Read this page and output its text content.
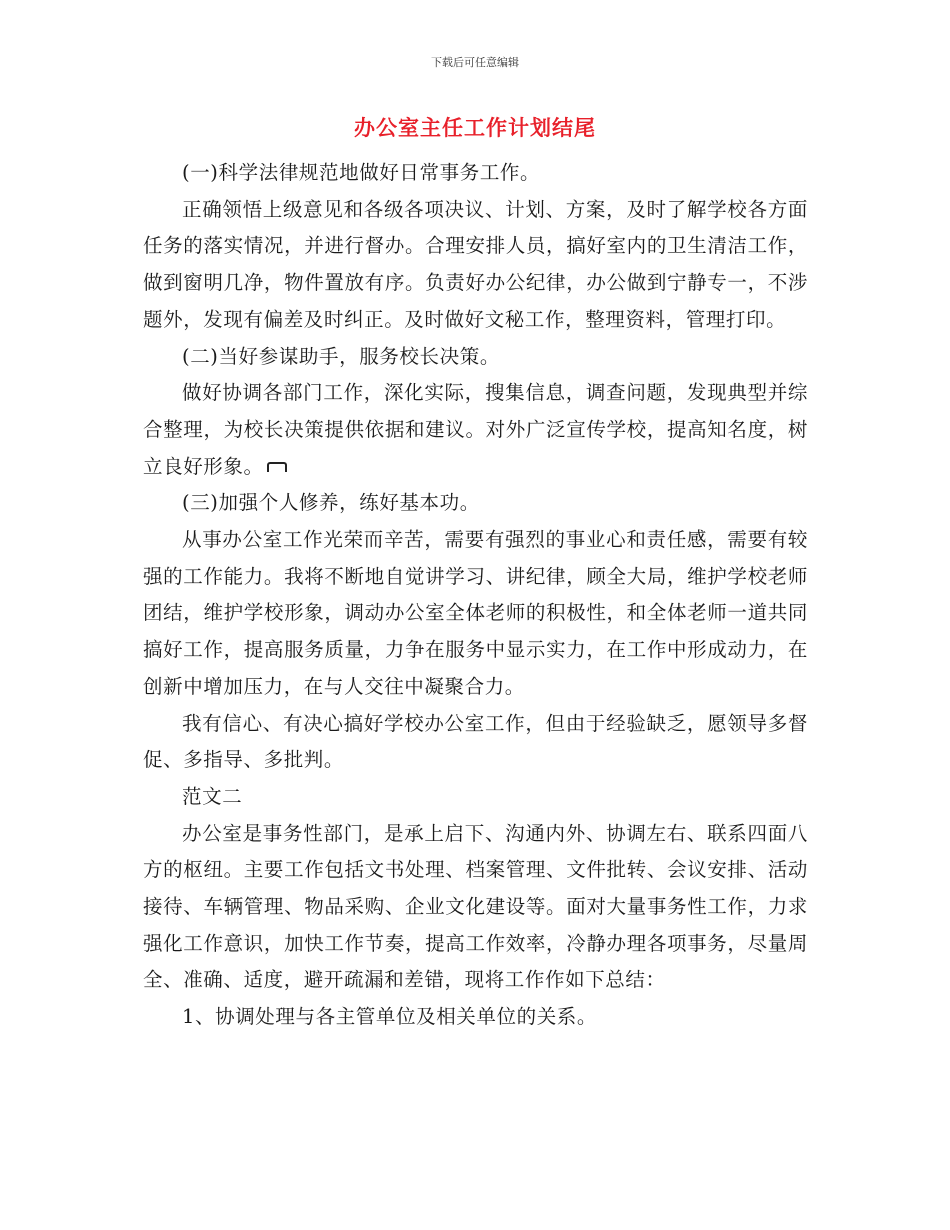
下载后可任意编辑
办公室主任工作计划结尾

(一)科学法律规范地做好日常事务工作。

正确领悟上级意见和各级各项决议、计划、方案，及时了解学校各方面任务的落实情况，并进行督办。合理安排人员，搞好室内的卫生清洁工作，做到窗明几净，物件置放有序。负责好办公纪律，办公做到宁静专一，不涉题外，发现有偏差及时纠正。及时做好文秘工作，整理资料，管理打印。

(二)当好参谋助手，服务校长决策。

做好协调各部门工作，深化实际，搜集信息，调查问题，发现典型并综合整理，为校长决策提供依据和建议。对外广泛宣传学校，提高知名度，树立良好形象。

(三)加强个人修养，练好基本功。

从事办公室工作光荣而辛苦，需要有强烈的事业心和责任感，需要有较强的工作能力。我将不断地自觉讲学习、讲纪律，顾全大局，维护学校老师团结，维护学校形象，调动办公室全体老师的积极性，和全体老师一道共同搞好工作，提高服务质量，力争在服务中显示实力，在工作中形成动力，在创新中增加压力，在与人交往中凝聚合力。

我有信心、有决心搞好学校办公室工作，但由于经验缺乏，愿领导多督促、多指导、多批判。

范文二

办公室是事务性部门，是承上启下、沟通内外、协调左右、联系四面八方的枢纽。主要工作包括文书处理、档案管理、文件批转、会议安排、活动接待、车辆管理、物品采购、企业文化建设等。面对大量事务性工作，力求强化工作意识，加快工作节奏，提高工作效率，冷静办理各项事务，尽量周全、准确、适度，避开疏漏和差错，现将工作作如下总结：

1、协调处理与各主管单位及相关单位的关系。
